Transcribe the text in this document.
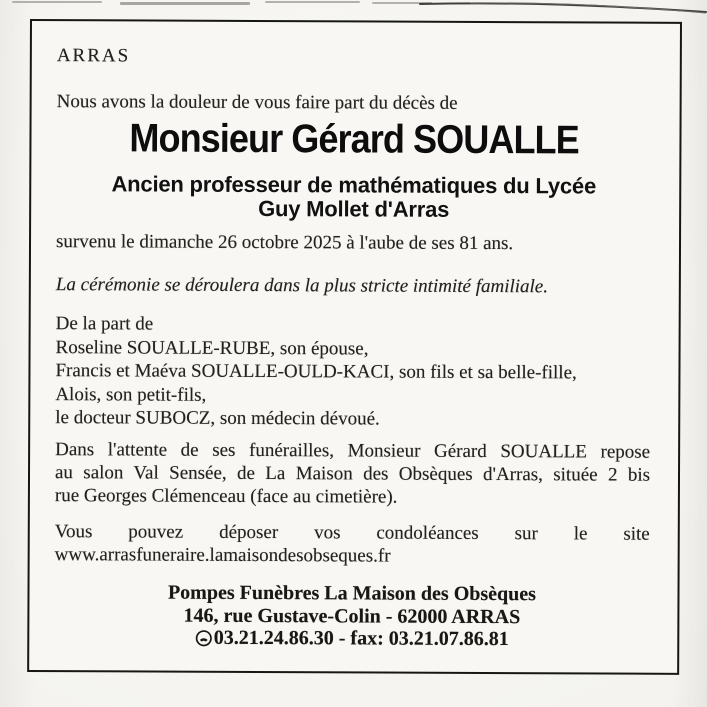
ARRAS
Nous avons la douleur de vous faire part du décès de
Monsieur Gérard SOUALLE
Ancien professeur de mathématiques du Lycée
Guy Mollet d'Arras
survenu le dimanche 26 octobre 2025 à l'aube de ses 81 ans.
La cérémonie se déroulera dans la plus stricte intimité familiale.
De la part de
Roseline SOUALLE-RUBE, son épouse,
Francis et Maéva SOUALLE-OULD-KACI, son fils et sa belle-fille,
Alois, son petit-fils,
le docteur SUBOCZ, son médecin dévoué.
Dans l'attente de ses funérailles, Monsieur Gérard SOUALLE repose
au salon Val Sensée, de La Maison des Obsèques d'Arras, située 2 bis
rue Georges Clémenceau (face au cimetière).
Vous pouvez déposer vos condoléances sur le site
www.arrasfuneraire.lamaisondesobseques.fr
Pompes Funèbres La Maison des Obsèques
146, rue Gustave-Colin - 62000 ARRAS
03.21.24.86.30 - fax: 03.21.07.86.81
